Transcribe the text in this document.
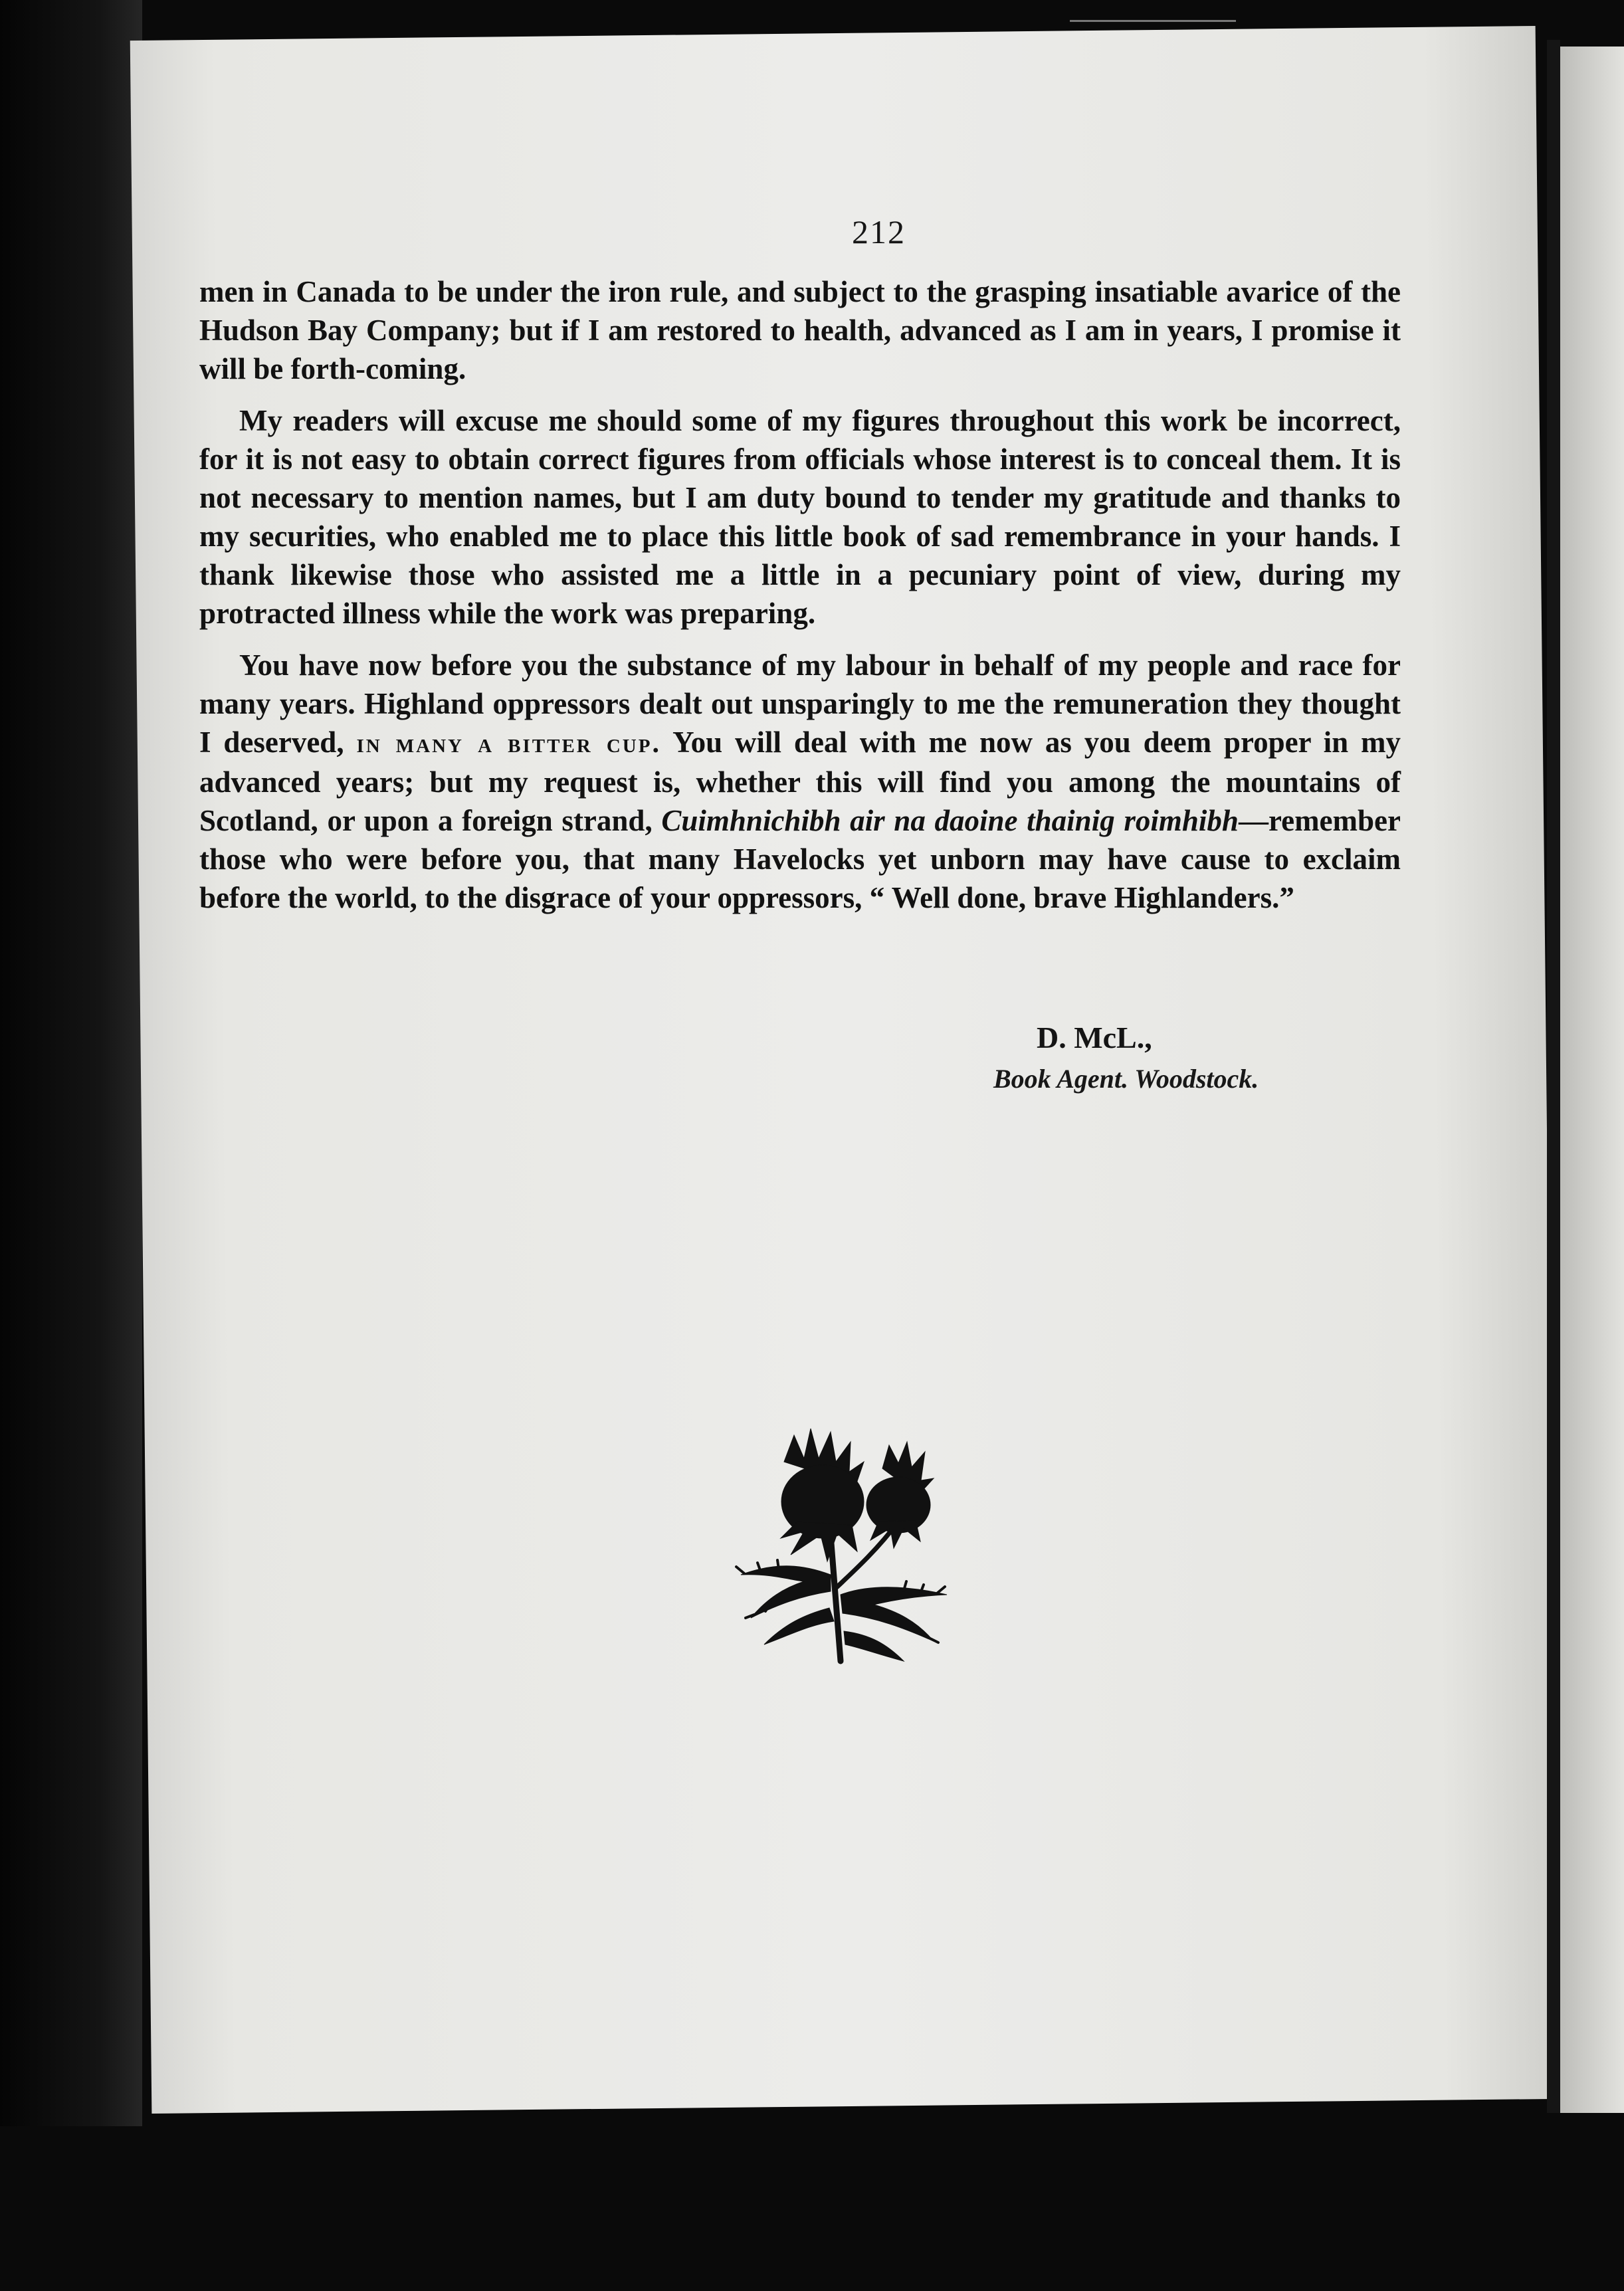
212

men in Canada to be under the iron rule, and subject to the grasping insatiable avarice of the Hudson Bay Company; but if I am restored to health, advanced as I am in years, I promise it will be forth-coming.

My readers will excuse me should some of my figures throughout this work be incorrect, for it is not easy to obtain correct figures from officials whose interest is to conceal them. It is not necessary to mention names, but I am duty bound to tender my gratitude and thanks to my securities, who enabled me to place this little book of sad remembrance in your hands. I thank likewise those who assisted me a little in a pecuniary point of view, during my protracted illness while the work was preparing.

You have now before you the substance of my labour in behalf of my people and race for many years. Highland oppressors dealt out unsparingly to me the remuneration they thought I deserved, in many a bitter cup. You will deal with me now as you deem proper in my advanced years; but my request is, whether this will find you among the mountains of Scotland, or upon a foreign strand, Cuimhnichibh air na daoine thainig roimhibh—remember those who were before you, that many Havelocks yet unborn may have cause to exclaim before the world, to the disgrace of your oppressors, “ Well done, brave Highlanders.”

D. McL.,
Book Agent. Woodstock.
